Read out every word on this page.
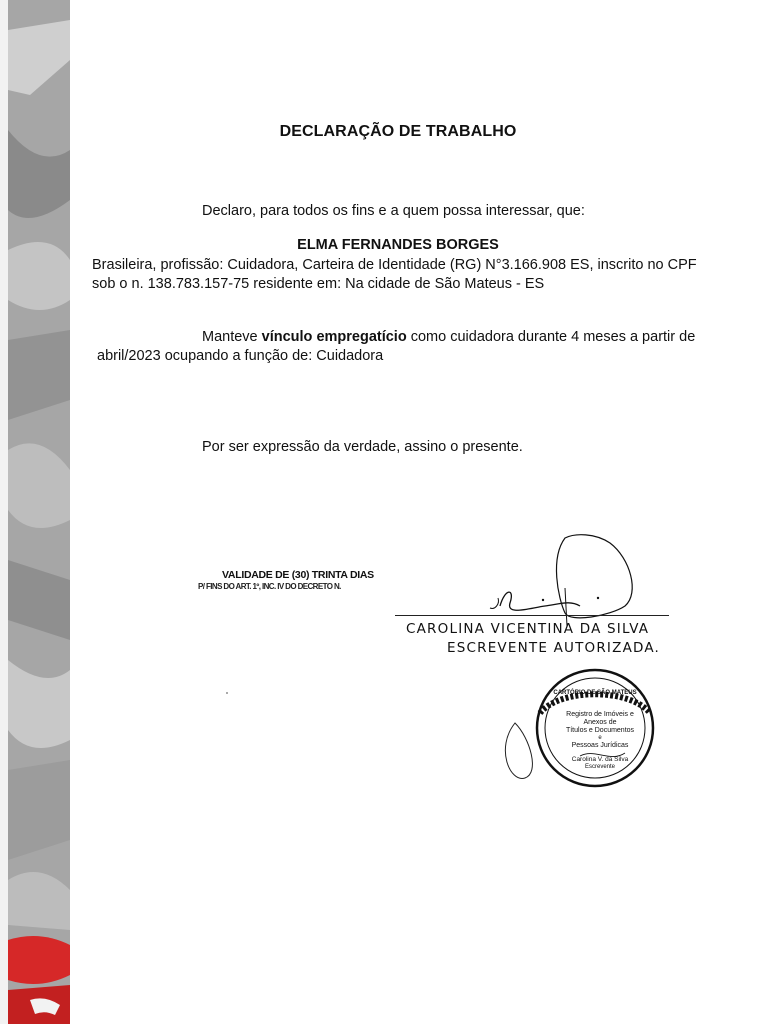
DECLARAÇÃO DE TRABALHO
Declaro, para todos os fins e a quem possa interessar, que:
ELMA FERNANDES BORGES
Brasileira, profissão: Cuidadora, Carteira de Identidade (RG) N°3.166.908 ES, inscrito no CPF
sob o n. 138.783.157-75 residente em: Na cidade de São Mateus - ES
Manteve vínculo empregatício como cuidadora durante 4 meses a partir de
abril/2023 ocupando a função de: Cuidadora
Por ser expressão da verdade, assino o presente.
VALIDADE DE (30) TRINTA DIAS
P/ FINS DO ART. 1º, INC. IV DO DECRETO N.
CAROLINA VICENTINA DA SILVA
ESCREVENTE AUTORIZADA.
CARTÓRIO DE SÃO MATEUS
Registro de Imóveis e
Anexos de
Títulos e Documentos
e
Pessoas Jurídicas
Carolina V. da Silva
Escrevente
